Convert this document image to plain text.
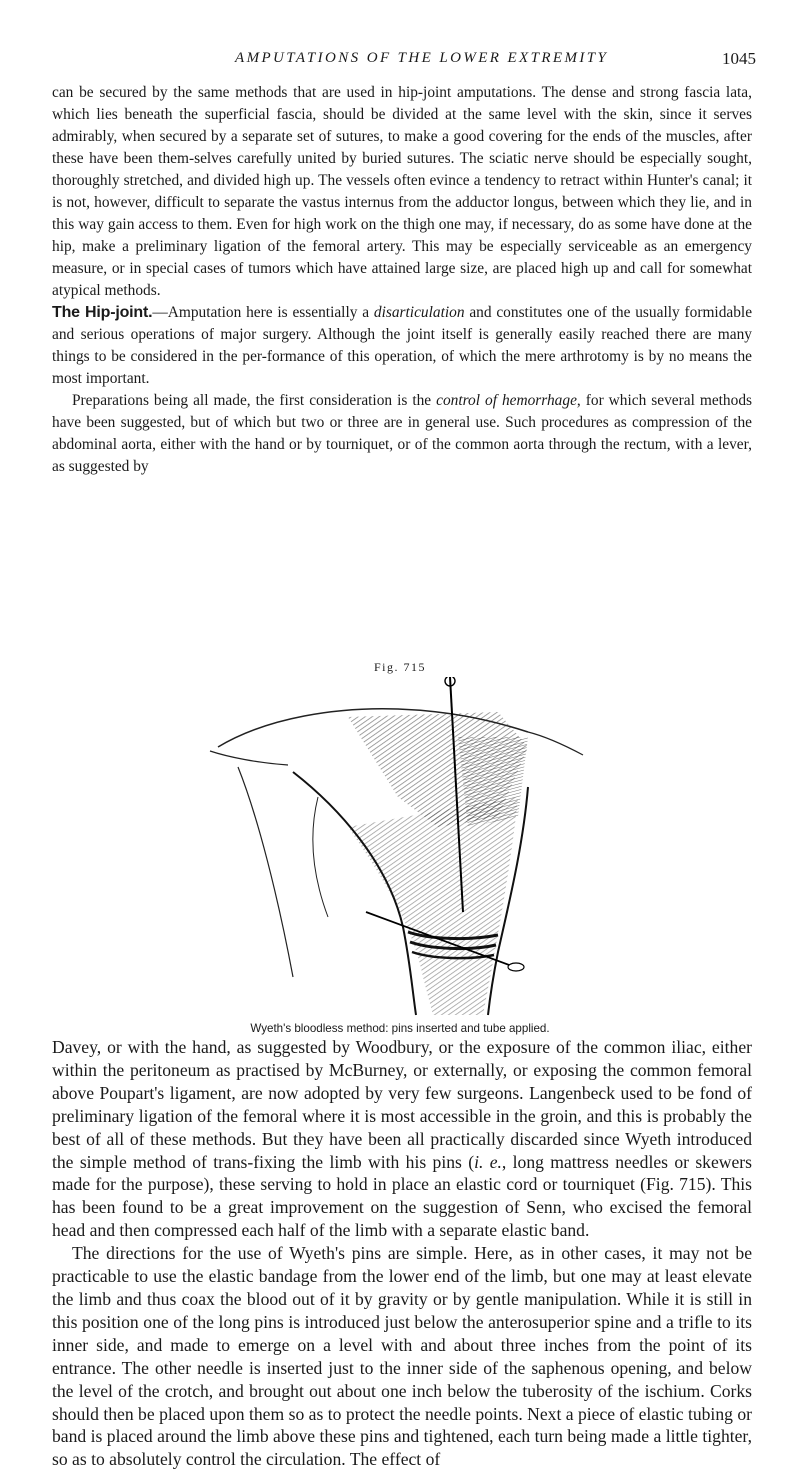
AMPUTATIONS OF THE LOWER EXTREMITY	1045

can be secured by the same methods that are used in hip-joint amputations. The dense and strong fascia lata, which lies beneath the superficial fascia, should be divided at the same level with the skin, since it serves admirably, when secured by a separate set of sutures, to make a good covering for the ends of the muscles, after these have been them-selves carefully united by buried sutures. The sciatic nerve should be especially sought, thoroughly stretched, and divided high up. The vessels often evince a tendency to retract within Hunter's canal; it is not, however, difficult to separate the vastus internus from the adductor longus, between which they lie, and in this way gain access to them. Even for high work on the thigh one may, if necessary, do as some have done at the hip, make a preliminary ligation of the femoral artery. This may be especially serviceable as an emergency measure, or in special cases of tumors which have attained large size, are placed high up and call for somewhat atypical methods.

The Hip-joint.—Amputation here is essentially a disarticulation and constitutes one of the usually formidable and serious operations of major surgery. Although the joint itself is generally easily reached there are many things to be considered in the per-formance of this operation, of which the mere arthrotomy is by no means the most important.

Preparations being all made, the first consideration is the control of hemorrhage, for which several methods have been suggested, but of which but two or three are in general use. Such procedures as compression of the abdominal aorta, either with the hand or by tourniquet, or of the common aorta through the rectum, with a lever, as suggested by

Fig. 715
Wyeth's bloodless method: pins inserted and tube applied.

Davey, or with the hand, as suggested by Woodbury, or the exposure of the common iliac, either within the peritoneum as practised by McBurney, or externally, or exposing the common femoral above Poupart's ligament, are now adopted by very few surgeons. Langenbeck used to be fond of preliminary ligation of the femoral where it is most accessible in the groin, and this is probably the best of all of these methods. But they have been all practically discarded since Wyeth introduced the simple method of trans-fixing the limb with his pins (i. e., long mattress needles or skewers made for the purpose), these serving to hold in place an elastic cord or tourniquet (Fig. 715). This has been found to be a great improvement on the suggestion of Senn, who excised the femoral head and then compressed each half of the limb with a separate elastic band.

The directions for the use of Wyeth's pins are simple. Here, as in other cases, it may not be practicable to use the elastic bandage from the lower end of the limb, but one may at least elevate the limb and thus coax the blood out of it by gravity or by gentle manipulation. While it is still in this position one of the long pins is introduced just below the anterosuperior spine and a trifle to its inner side, and made to emerge on a level with and about three inches from the point of its entrance. The other needle is inserted just to the inner side of the saphenous opening, and below the level of the crotch, and brought out about one inch below the tuberosity of the ischium. Corks should then be placed upon them so as to protect the needle points. Next a piece of elastic tubing or band is placed around the limb above these pins and tightened, each turn being made a little tighter, so as to absolutely control the circulation. The effect of
